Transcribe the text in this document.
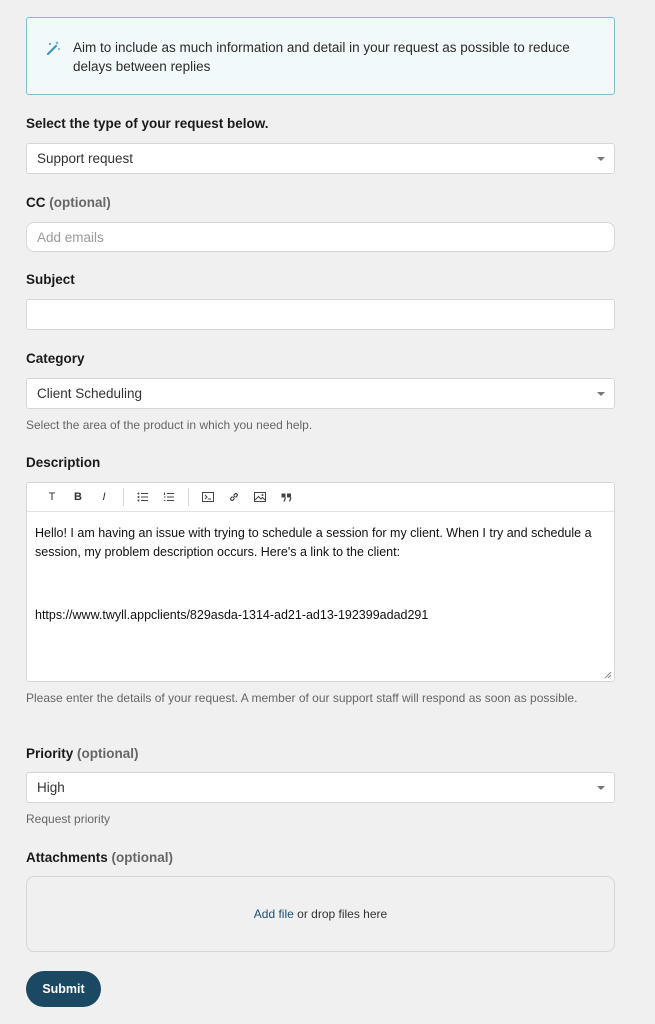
Aim to include as much information and detail in your request as possible to reduce delays between replies
Select the type of your request below.
Support request
CC (optional)
Add emails
Subject
Category
Client Scheduling
Select the area of the product in which you need help.
Description
T	B	I

Hello! I am having an issue with trying to schedule a session for my client. When I try and schedule a session, my problem description occurs. Here's a link to the client:

https://www.twyll.appclients/829asda-1314-ad21-ad13-192399adad291

Please enter the details of your request. A member of our support staff will respond as soon as possible.
Priority (optional)
High
Request priority
Attachments (optional)
Add file or drop files here
Submit
